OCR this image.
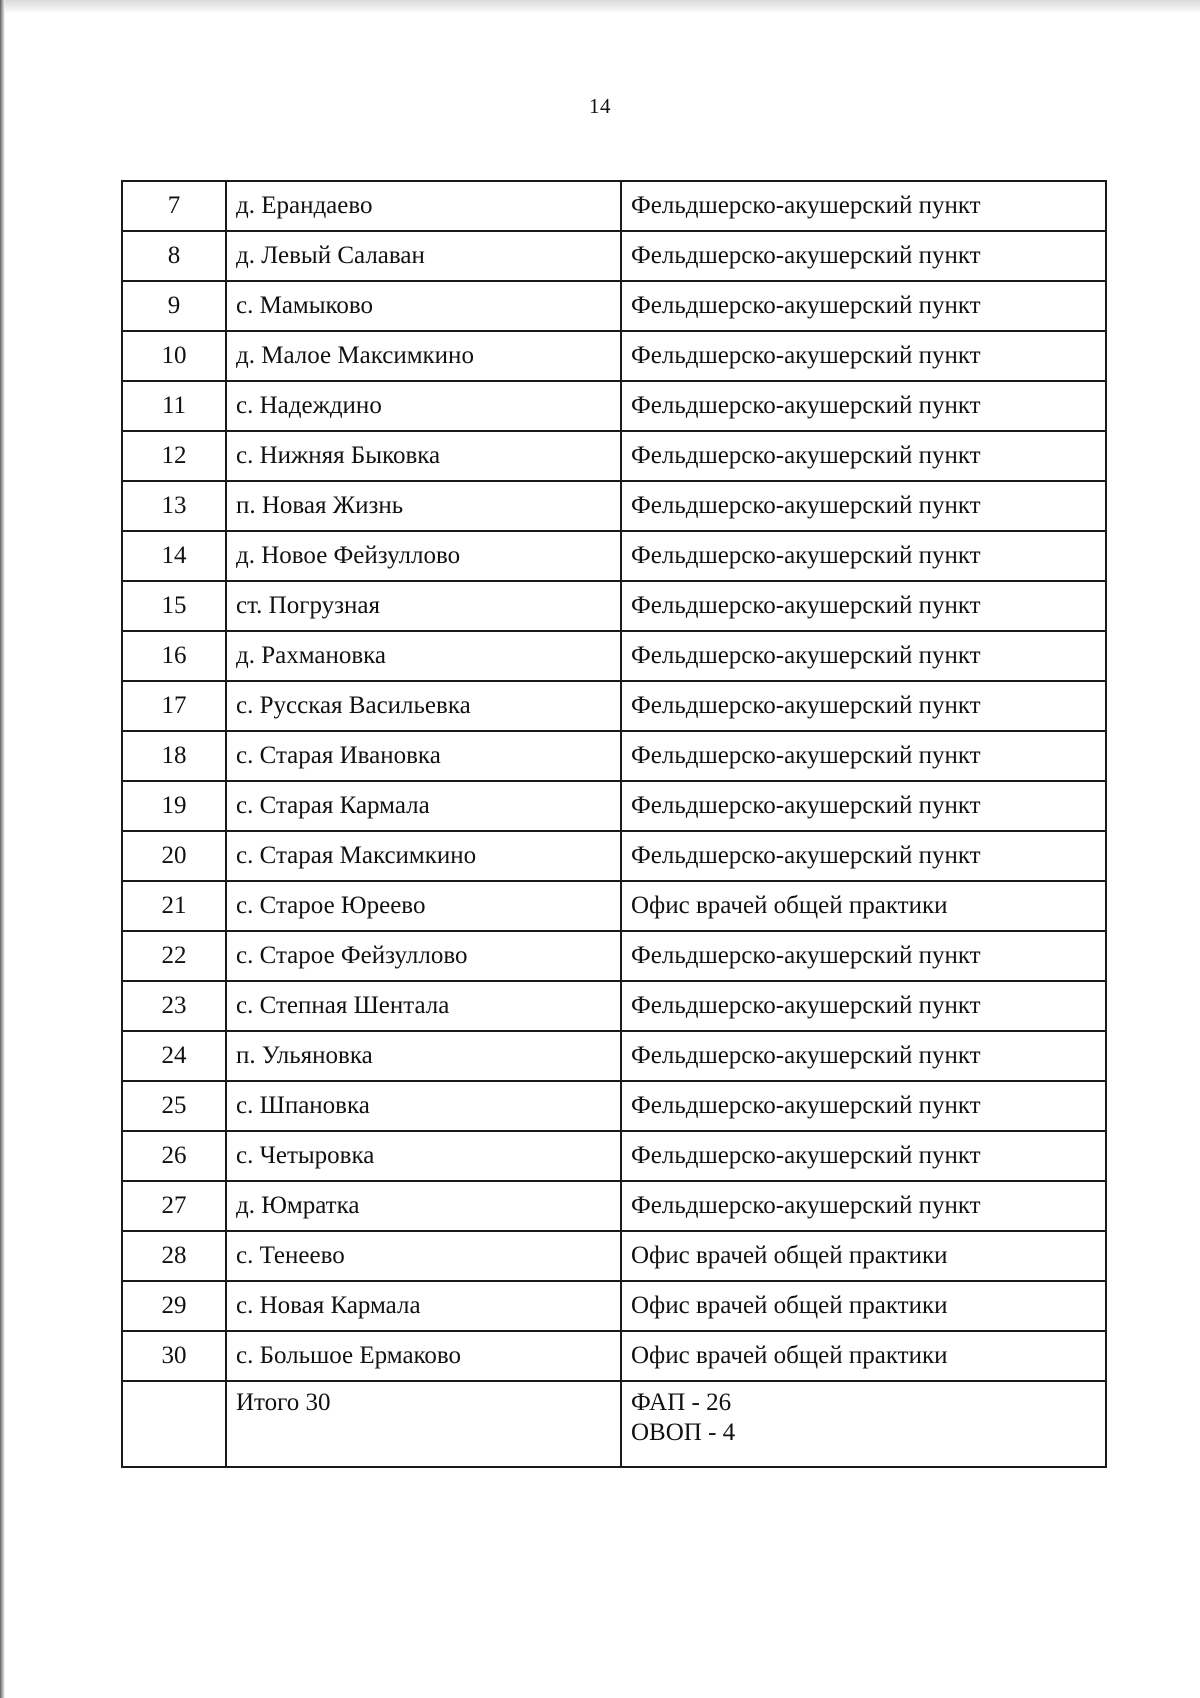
14
7	д. Ерандаево	Фельдшерско-акушерский пункт
8	д. Левый Салаван	Фельдшерско-акушерский пункт
9	с. Мамыково	Фельдшерско-акушерский пункт
10	д. Малое Максимкино	Фельдшерско-акушерский пункт
11	с. Надеждино	Фельдшерско-акушерский пункт
12	с. Нижняя Быковка	Фельдшерско-акушерский пункт
13	п. Новая Жизнь	Фельдшерско-акушерский пункт
14	д. Новое Фейзуллово	Фельдшерско-акушерский пункт
15	ст. Погрузная	Фельдшерско-акушерский пункт
16	д. Рахмановка	Фельдшерско-акушерский пункт
17	с. Русская Васильевка	Фельдшерско-акушерский пункт
18	с. Старая Ивановка	Фельдшерско-акушерский пункт
19	с. Старая Кармала	Фельдшерско-акушерский пункт
20	с. Старая Максимкино	Фельдшерско-акушерский пункт
21	с. Старое Юреево	Офис врачей общей практики
22	с. Старое Фейзуллово	Фельдшерско-акушерский пункт
23	с. Степная Шентала	Фельдшерско-акушерский пункт
24	п. Ульяновка	Фельдшерско-акушерский пункт
25	с. Шпановка	Фельдшерско-акушерский пункт
26	с. Четыровка	Фельдшерско-акушерский пункт
27	д. Юмратка	Фельдшерско-акушерский пункт
28	с. Тенеево	Офис врачей общей практики
29	с. Новая Кармала	Офис врачей общей практики
30	с. Большое Ермаково	Офис врачей общей практики
	Итого 30	ФАП - 26
ОВОП - 4
